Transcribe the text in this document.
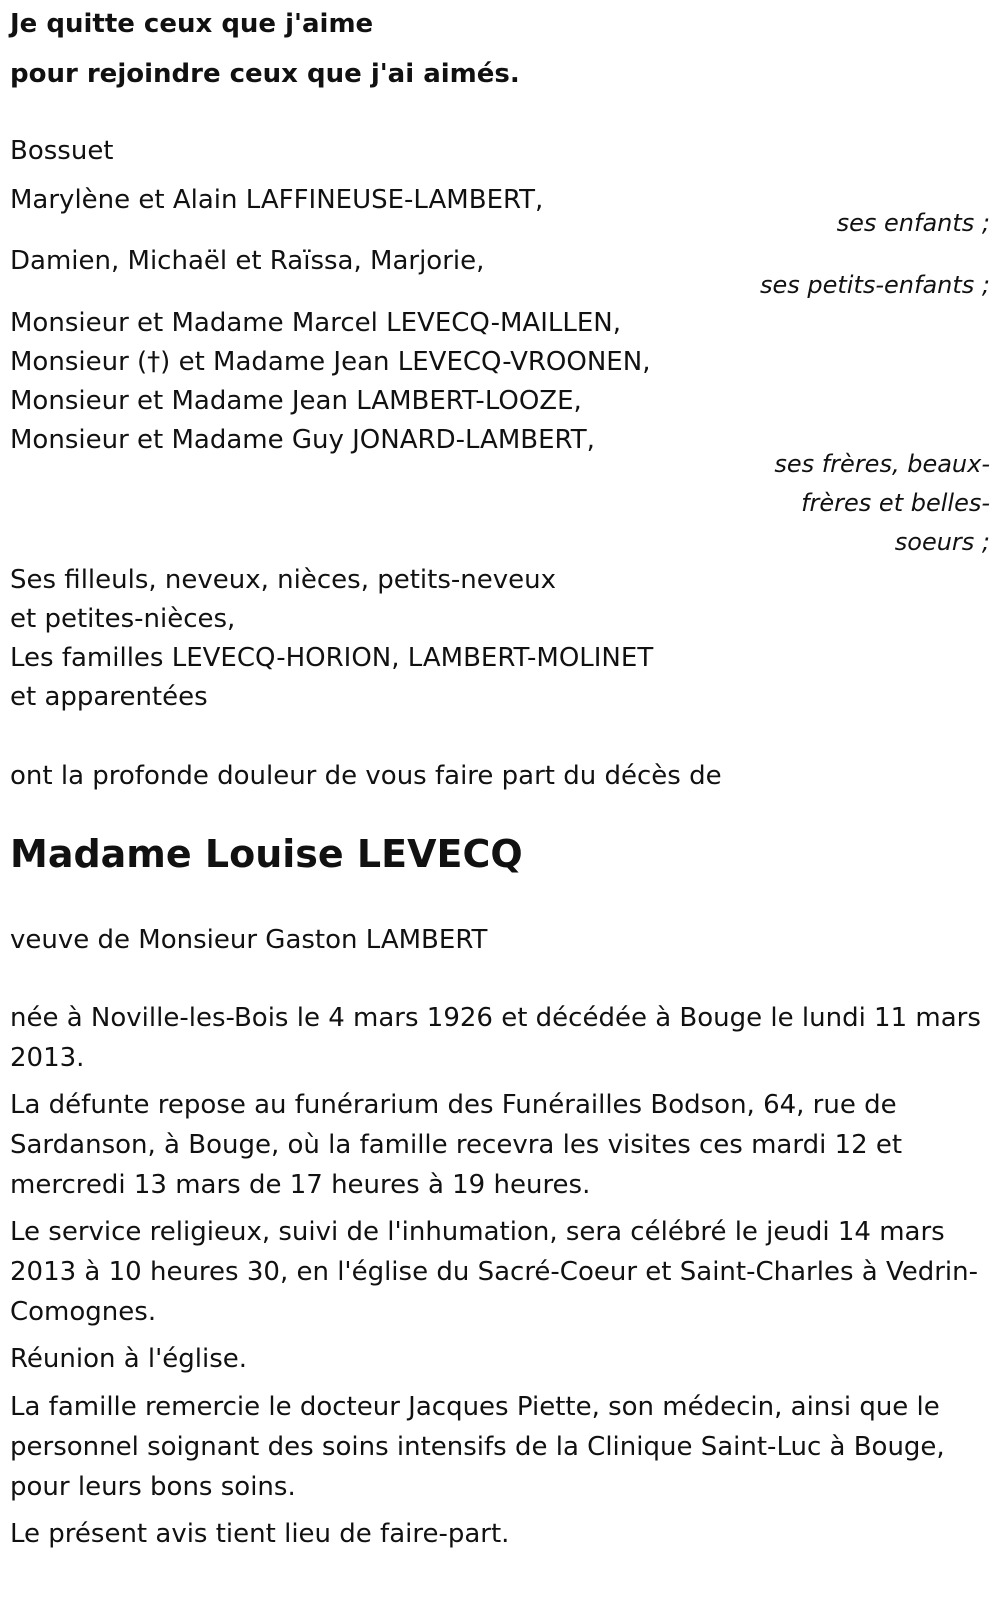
Je quitte ceux que j'aime
pour rejoindre ceux que j'ai aimés.
Bossuet
Marylène et Alain LAFFINEUSE-LAMBERT,
ses enfants ;
Damien, Michaël et Raïssa, Marjorie,
ses petits-enfants ;
Monsieur et Madame Marcel LEVECQ-MAILLEN,
Monsieur (†) et Madame Jean LEVECQ-VROONEN,
Monsieur et Madame Jean LAMBERT-LOOZE,
Monsieur et Madame Guy JONARD-LAMBERT,
ses frères, beaux-
frères et belles-
soeurs ;
Ses filleuls, neveux, nièces, petits-neveux
et petites-nièces,
Les familles LEVECQ-HORION, LAMBERT-MOLINET
et apparentées
ont la profonde douleur de vous faire part du décès de
Madame Louise LEVECQ
veuve de Monsieur Gaston LAMBERT
née à Noville-les-Bois le 4 mars 1926 et décédée à Bouge le lundi 11 mars 2013.
La défunte repose au funérarium des Funérailles Bodson, 64, rue de Sardanson, à Bouge, où la famille recevra les visites ces mardi 12 et mercredi 13 mars de 17 heures à 19 heures.
Le service religieux, suivi de l'inhumation, sera célébré le jeudi 14 mars 2013 à 10 heures 30, en l'église du Sacré-Coeur et Saint-Charles à Vedrin-Comognes.
Réunion à l'église.
La famille remercie le docteur Jacques Piette, son médecin, ainsi que le personnel soignant des soins intensifs de la Clinique Saint-Luc à Bouge, pour leurs bons soins.
Le présent avis tient lieu de faire-part.
